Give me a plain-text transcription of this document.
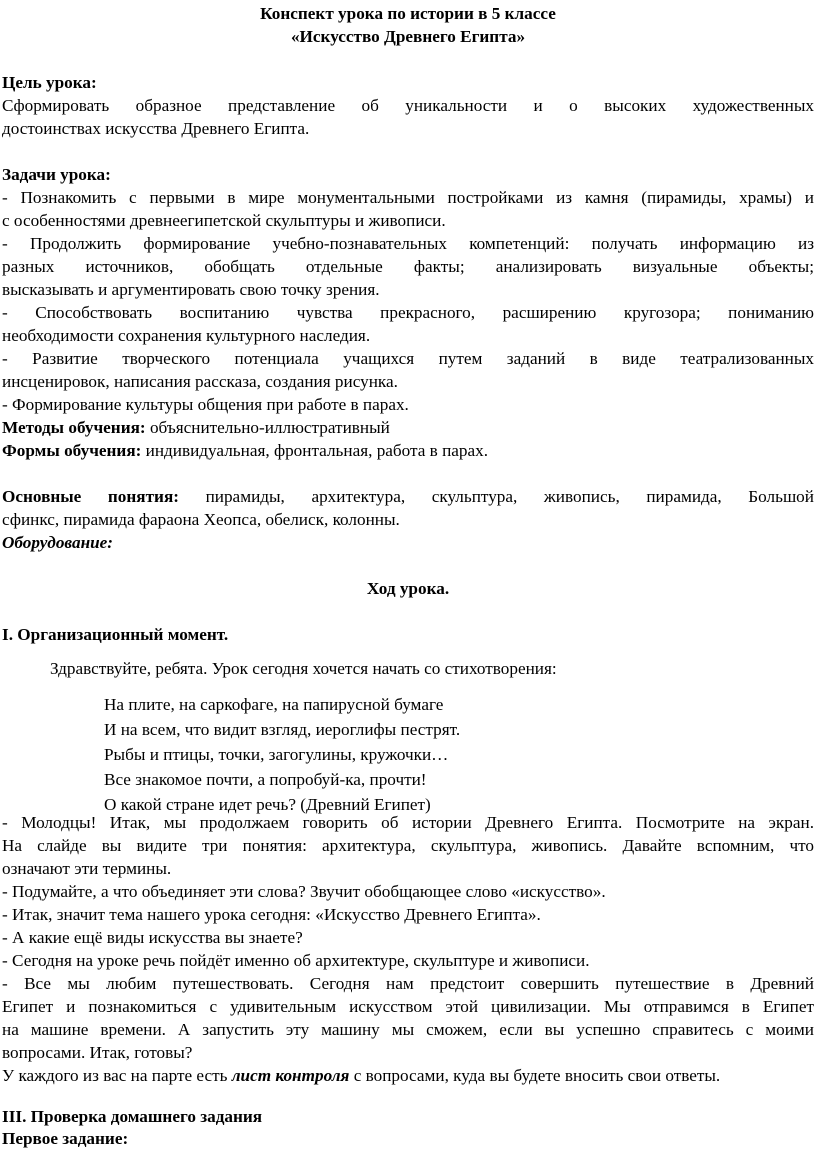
Конспект урока по истории в 5 классе

«Искусство Древнего Египта»

Цель урока:

Сформировать образное представление об уникальности и о высоких художественных

достоинствах искусства Древнего Египта.

Задачи урока:

- Познакомить с первыми в мире монументальными постройками из камня (пирамиды, храмы) и

с особенностями древнеегипетской скульптуры и живописи.

- Продолжить формирование учебно-познавательных компетенций: получать информацию из

разных источников, обобщать отдельные факты; анализировать визуальные объекты;

высказывать и аргументировать свою точку зрения.

- Способствовать воспитанию чувства прекрасного, расширению кругозора; пониманию

необходимости сохранения культурного наследия.

- Развитие творческого потенциала учащихся путем заданий в виде театрализованных

инсценировок, написания рассказа, создания рисунка.

- Формирование культуры общения при работе в парах.

Методы обучения: объяснительно-иллюстративный

Формы обучения: индивидуальная, фронтальная, работа в парах.

Основные понятия: пирамиды, архитектура, скульптура, живопись, пирамида, Большой

сфинкс, пирамида фараона Хеопса, обелиск, колонны.

Оборудование:

Ход урока.

I. Организационный момент.

Здравствуйте, ребята. Урок сегодня хочется начать со стихотворения:

На плите, на саркофаге, на папирусной бумаге

И на всем, что видит взгляд, иероглифы пестрят.

Рыбы и птицы, точки, загогулины, кружочки…

Все знакомое почти, а попробуй-ка, прочти!

О какой стране идет речь? (Древний Египет)

- Молодцы! Итак, мы продолжаем говорить об истории Древнего Египта. Посмотрите на экран.

На слайде вы видите три понятия: архитектура, скульптура, живопись. Давайте вспомним, что

означают эти термины.

- Подумайте, а что объединяет эти слова? Звучит обобщающее слово «искусство».

- Итак, значит тема нашего урока сегодня: «Искусство Древнего Египта».

- А какие ещё виды искусства вы знаете?

- Сегодня на уроке речь пойдёт именно об архитектуре, скульптуре и живописи.

- Все мы любим путешествовать. Сегодня нам предстоит совершить путешествие в Древний

Египет и познакомиться с удивительным искусством этой цивилизации. Мы отправимся в Египет

на машине времени. А запустить эту машину мы сможем, если вы успешно справитесь с моими

вопросами. Итак, готовы?

У каждого из вас на парте есть лист контроля с вопросами, куда вы будете вносить свои ответы.

III. Проверка домашнего задания

Первое задание:
